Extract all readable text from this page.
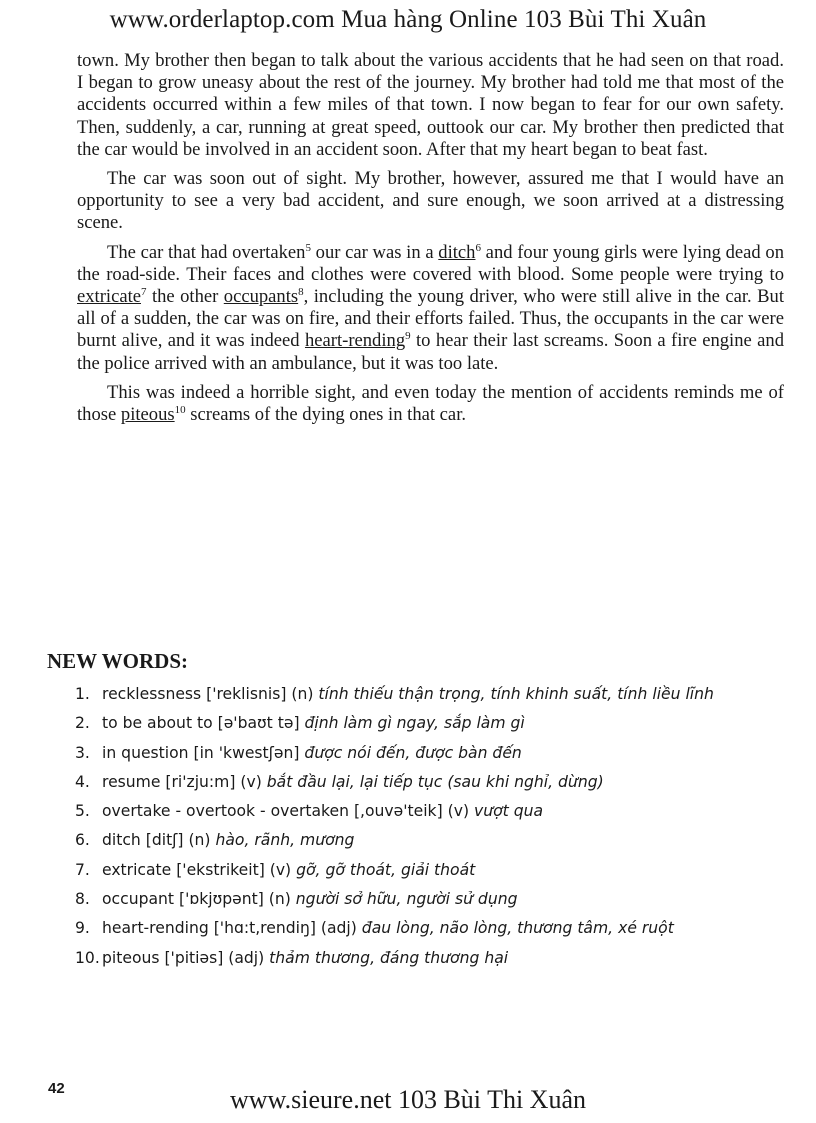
www.orderlaptop.com Mua hàng Online 103 Bùi Thi Xuân

town. My brother then began to talk about the various accidents that he had seen on that road. I began to grow uneasy about the rest of the journey. My brother had told me that most of the accidents occurred within a few miles of that town. I now began to fear for our own safety. Then, suddenly, a car, running at great speed, outtook our car. My brother then predicted that the car would be involved in an accident soon. After that my heart began to beat fast.

The car was soon out of sight. My brother, however, assured me that I would have an opportunity to see a very bad accident, and sure enough, we soon arrived at a distressing scene.

The car that had overtaken$^5$ our car was in a ditch$^6$ and four young girls were lying dead on the road-side. Their faces and clothes were covered with blood. Some people were trying to extricate$^7$ the other occupants$^8$, including the young driver, who were still alive in the car. But all of a sudden, the car was on fire, and their efforts failed. Thus, the occupants in the car were burnt alive, and it was indeed heart-rending$^9$ to hear their last screams. Soon a fire engine and the police arrived with an ambulance, but it was too late.

This was indeed a horrible sight, and even today the mention of accidents reminds me of those piteous$^{10}$ screams of the dying ones in that car.

NEW WORDS:
1. recklessness ['reklisnis] (n) tính thiếu thận trọng, tính khinh suất, tính liều lĩnh
2. to be about to [ə'baʊt tə] định làm gì ngay, sắp làm gì
3. in question [in 'kwestʃən] được nói đến, được bàn đến
4. resume [ri'zju:m] (v) bắt đầu lại, lại tiếp tục (sau khi nghỉ, dừng)
5. overtake - overtook - overtaken [,ouvə'teik] (v) vượt qua
6. ditch [ditʃ] (n) hào, rãnh, mương
7. extricate ['ekstrikeit] (v) gỡ, gỡ thoát, giải thoát
8. occupant ['ɒkjʊpənt] (n) người sở hữu, người sử dụng
9. heart-rending ['hɑ:t,rendiŋ] (adj) đau lòng, não lòng, thương tâm, xé ruột
10. piteous ['pitiəs] (adj) thảm thương, đáng thương hại
42	www.sieure.net 103 Bùi Thi Xuân
